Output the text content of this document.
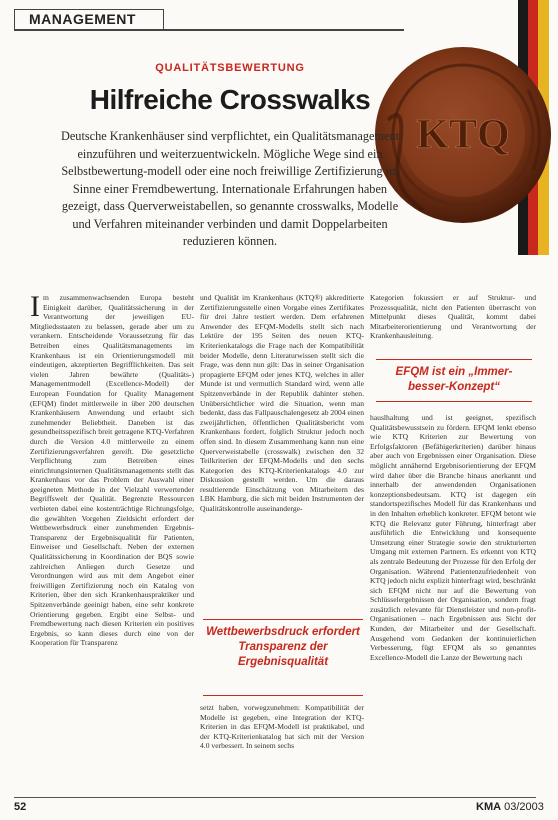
KTQ
MANAGEMENT
QUALITÄTSBEWERTUNG
Hilfreiche Crosswalks
Deutsche Krankenhäuser sind verpflichtet, ein Qualitätsmanagement einzuführen und weiterzuentwickeln. Mögliche Wege sind ein Selbstbewertung-modell oder eine noch freiwillige Zertifizierung im Sinne einer Fremdbewertung. Internationale Erfahrungen haben gezeigt, dass Querverweistabellen, so genannte crosswalks, Modelle und Verfahren miteinander verbinden und damit Doppelarbeiten reduzieren können.
Im zusammenwachsenden Europa besteht Einigkeit darüber, Qualitätssicherung in der Verantwortung der jeweiligen EU-Mitgliedsstaaten zu belassen, gerade aber um zu verankern. Entscheidende Voraussetzung für das Betreiben eines Qualitätsmanagements im Krankenhaus ist ein Orientierungsmodell mit eindeutigen, akzeptierten Begrifflichkeiten. Das seit vielen Jahren bewährte (Qualitäts-) Managementmodell (Excellence-Modell) der European Foundation for Quality Management (EFQM) findet mittlerweile in über 200 deutschen Krankenhäusern Anwendung und erlaubt sich zunehmender Beliebtheit. Daneben ist das gesundheitsspezifisch breit getragene KTQ-Verfahren durch die Version 4.0 mittlerweile zu einem Zertifizierungsverfahren gereift. Die gesetzliche Verpflichtung zum Betreiben eines einrichtungsinternen Qualitätsmanagements stellt das Krankenhaus vor das Problem der Auswahl einer geeigneten Methode in der Vielzahl verwertender Begriffswelt der Qualität. Begrenzte Ressourcen verbieten dabei eine kostenträchtige Richtungsfolge, die gewählten Vorgehen Zieldsicht erfordert der Wettbewerbsdruck einer zunehmenden Ergebnis-Transparenz der Ergebnisqualität für Patienten, Einweiser und Gesellschaft. Neben der externen Qualitätssicherung in Koordination der BQS sowie zahlreichen Anliegen durch Gesetze und Verordnungen wird aus mit dem Angebot einer freiwilligen Zertifizierung noch ein Katalog von Kriterien, über den sich Krankenhauspraktiker und Spitzenverbände geeinigt haben, eine sehr konkrete Orientierung gegeben. Ergibt eine Selbst- und Fremdbewertung nach diesen Kriterien ein positives Ergebnis, so kann dieses durch eine von der Kooperation für Transparenz
und Qualität im Krankenhaus (KTQ®) akkreditierte Zertifizierungsstelle einen Vorgabe eines Zertifikates für drei Jahre testiert werden. Dem erfahrenen Anwender des EFQM-Modells stellt sich nach Lektüre der 195 Seiten des neuen KTQ-Kriterienkatalogs die Frage nach der Kompatibilität beider Modelle, denn Literaturwissen stellt sich die Frage, was denn nun gilt: Das in seiner Organisation propagierte EFQM oder jenes KTQ, welches in aller Munde ist und vermutlich Standard wird, wenn alle Spitzenverbände in der Republik dahinter stehen. Unübersichtlicher wird die Situation, wenn man bedenkt, dass das Fallpauschalengesetz ab 2004 einen zweijährlichen, öffentlichen Qualitätsbericht vom Krankenhaus fordert, folglich Struktur jedoch noch offen sind. In diesem Zusammenhang kann nun eine Querverweistabelle (crosswalk) zwischen den 32 Teilkriterien der EFQM-Modells und den sechs Kategorien des KTQ-Kriterienkatalogs 4.0 zur Diskussion gestellt werden. Um die daraus resultierende Einschätzung von Mitarbeitern des LBK Hamburg, die sich mit beiden Instrumenten der Qualitätskontrolle auseinanderge-
Wettbewerbsdruck erfordert Transparenz der Ergebnisqualität
setzt haben, vorwegzunehmen: Kompatibilität der Modelle ist gegeben, eine Integration der KTQ-Kriterien in das EFQM-Modell ist praktikabel, und der KTQ-Kriterienkatalog hat sich mit der Version 4.0 verbessert. In seinem sechs
Kategorien fokussiert er auf Struktur- und Prozessqualität, nicht den Patienten überrascht von Mittelpunkt dieses Qualität, kommt dabei Mitarbeiterorientierung und Verantwortung der Krankenhausleitung.
EFQM ist ein „Immer-besser-Konzept“
hauslhaltung und ist geeignet, spezifisch Qualitätsbewusstsein zu fördern. EFQM lenkt ebenso wie KTQ Kriterien zur Bewertung von Erfolgsfaktoren (Befähigerkriterien) darüber hinaus aber auch von Ergebnissen einer Organisation. Diese möglicht annähernd Ergebnisorientierung der EFQM wird daher über die Branche hinaus anerkannt und innerhalb der anwendenden Organisationen konzeptionsbedeutsam. KTQ ist dagegen ein standortspezifisches Modell für das Krankenhaus und in den Inhalten erheblich konkreter. EFQM betont wie KTQ die Relevanz guter Führung, hinterfragt aber ausführlich die Entwicklung und konsequente Umsetzung einer Strategie sowie den strukturierten Umgang mit externen Partnern. Es erkennt von KTQ als zentrale Bedeutung der Prozesse für den Erfolg der Organisation. Während Patientenzufriedenheit von KTQ jedoch nicht explizit hinterfragt wird, beschränkt sich EFQM nicht nur auf die Bewertung von Schlüsselergebnissen der Organisation, sondern fragt zusätzlich relevante für Dienstleister und non-profit-Organisationen – nach Ergebnissen aus Sicht der Kunden, der Mitarbeiter und der Gesellschaft. Ausgehend vom Gedanken der kontinuierlichen Verbesserung, fügt EFQM als so genanntes Excellence-Modell die Lanze der Bewertung nach
52	KMA 03/2003
